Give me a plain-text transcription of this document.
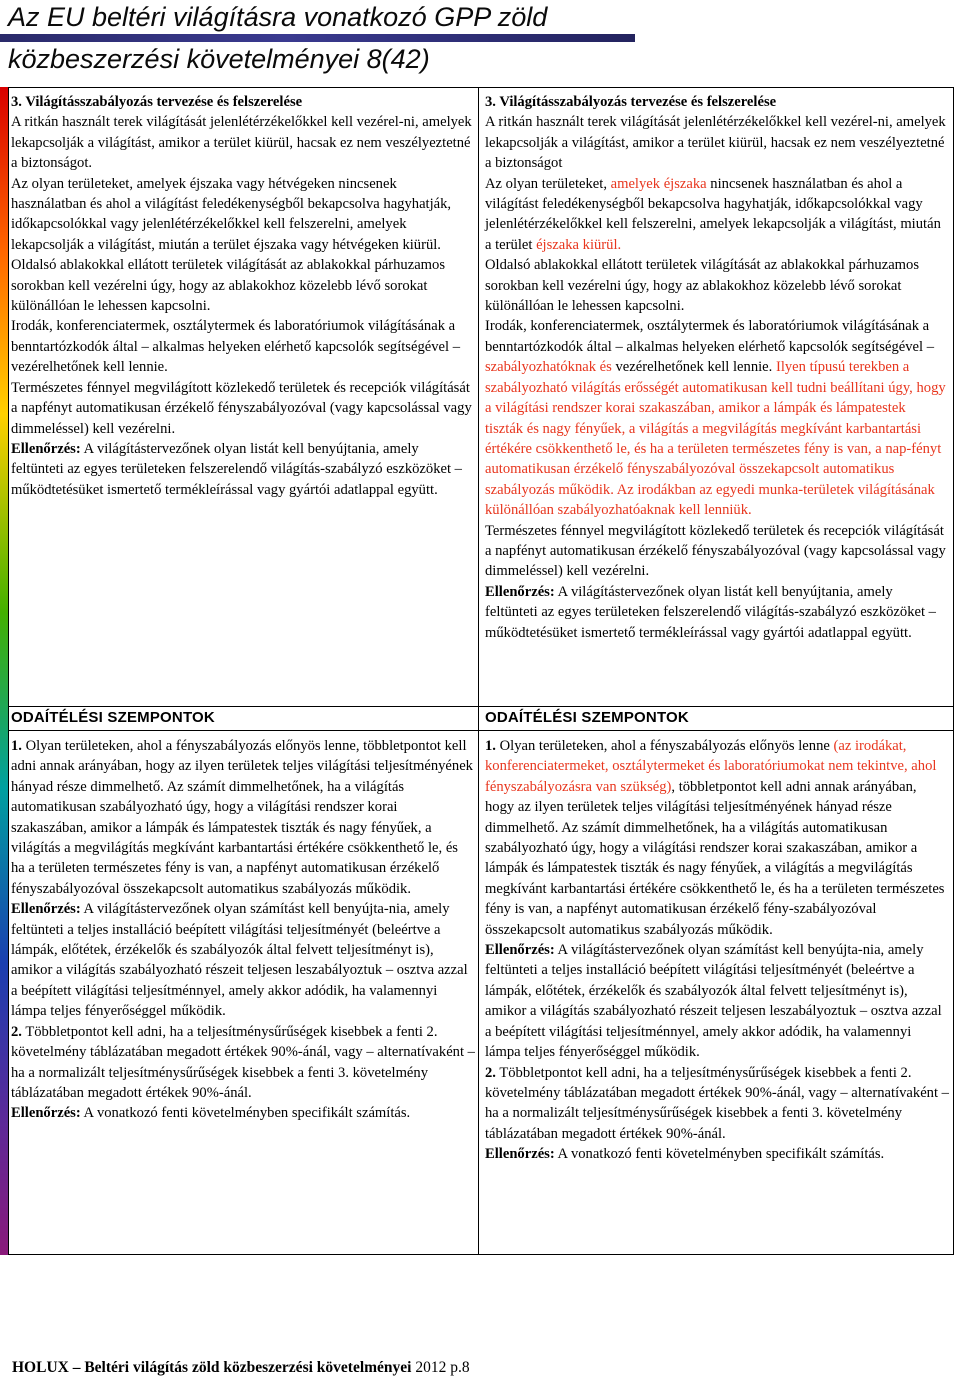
Az EU beltéri világításra vonatkozó GPP zöld
közbeszerzési követelményei 8(42)

3. Világításszabályozás tervezése és felszerelése

A ritkán használt terek világítását jelenlétérzékelőkkel kell vezérel-ni, amelyek lekapcsolják a világítást, amikor a terület kiürül, hacsak ez nem veszélyeztetné a biztonságot.

Az olyan területeket, amelyek éjszaka vagy hétvégeken nincsenek használatban és ahol a világítást feledékenységből bekapcsolva hagyhatják, időkapcsolókkal vagy jelenlétérzékelőkkel kell felszerelni, amelyek lekapcsolják a világítást, miután a terület éjszaka vagy hétvégeken kiürül.

Oldalsó ablakokkal ellátott területek világítását az ablakokkal párhuzamos sorokban kell vezérelni úgy, hogy az ablakokhoz közelebb lévő sorokat különállóan le lehessen kapcsolni.

Irodák, konferenciatermek, osztálytermek és laboratóriumok világításának a benntartózkodók által – alkalmas helyeken elérhető kapcsolók segítségével – vezérelhetőnek kell lennie.

Természetes fénnyel megvilágított közlekedő területek és recepciók világítását a napfényt automatikusan érzékelő fényszabályozóval (vagy kapcsolással vagy dimmeléssel) kell vezérelni.

Ellenőrzés: A világítástervezőnek olyan listát kell benyújtania, amely feltünteti az egyes területeken felszerelendő világítás-szabályzó eszközöket – működtetésüket ismertető termékleírással vagy gyártói adatlappal együtt.

3. Világításszabályozás tervezése és felszerelése

A ritkán használt terek világítását jelenlétérzékelőkkel kell vezérel-ni, amelyek lekapcsolják a világítást, amikor a terület kiürül, hacsak ez nem veszélyeztetné a biztonságot

Az olyan területeket, amelyek éjszaka nincsenek használatban és ahol a világítást feledékenységből bekapcsolva hagyhatják, időkapcsolókkal vagy jelenlétérzékelőkkel kell felszerelni, amelyek lekapcsolják a világítást, miután a terület éjszaka kiürül.

Oldalsó ablakokkal ellátott területek világítását az ablakokkal párhuzamos sorokban kell vezérelni úgy, hogy az ablakokhoz közelebb lévő sorokat különállóan le lehessen kapcsolni.

Irodák, konferenciatermek, osztálytermek és laboratóriumok világításának a benntartózkodók által – alkalmas helyeken elérhető kapcsolók segítségével – szabályozhatóknak és vezérelhetőnek kell lennie. Ilyen típusú terekben a szabályozható világítás erősségét automatikusan kell tudni beállítani úgy, hogy a világítási rendszer korai szakaszában, amikor a lámpák és lámpatestek tiszták és nagy fényűek, a világítás a megvilágítás megkívánt karbantartási értékére csökkenthető le, és ha a területen természetes fény is van, a nap-fényt automatikusan érzékelő fényszabályozóval összekapcsolt automatikus szabályozás működik. Az irodákban az egyedi munka-területek világításának különállóan szabályozhatóaknak kell lenniük.

Természetes fénnyel megvilágított közlekedő területek és recepciók világítását a napfényt automatikusan érzékelő fényszabályozóval (vagy kapcsolással vagy dimmeléssel) kell vezérelni.

Ellenőrzés: A világítástervezőnek olyan listát kell benyújtania, amely feltünteti az egyes területeken felszerelendő világítás-szabályzó eszközöket – működtetésüket ismertető termékleírással vagy gyártói adatlappal együtt.

ODAÍTÉLÉSI SZEMPONTOK	ODAÍTÉLÉSI SZEMPONTOK

1. Olyan területeken, ahol a fényszabályozás előnyös lenne, többletpontot kell adni annak arányában, hogy az ilyen területek teljes világítási teljesítményének hányad része dimmelhető. Az számít dimmelhetőnek, ha a világítás automatikusan szabályozható úgy, hogy a világítási rendszer korai szakaszában, amikor a lámpák és lámpatestek tiszták és nagy fényűek, a világítás a megvilágítás megkívánt karbantartási értékére csökkenthető le, és ha a területen természetes fény is van, a napfényt automatikusan érzékelő fényszabályozóval összekapcsolt automatikus szabályozás működik.

Ellenőrzés: A világítástervezőnek olyan számítást kell benyújta-nia, amely feltünteti a teljes installáció beépített világítási teljesítményét (beleértve a lámpák, előtétek, érzékelők és szabályozók által felvett teljesítményt is), amikor a világítás szabályozható részeit teljesen leszabályoztuk – osztva azzal a beépített világítási teljesítménnyel, amely akkor adódik, ha valamennyi lámpa teljes fényerőséggel működik.

2. Többletpontot kell adni, ha a teljesítménysűrűségek kisebbek a fenti 2. követelmény táblázatában megadott értékek 90%-ánál, vagy – alternatívaként – ha a normalizált teljesítménysűrűségek kisebbek a fenti 3. követelmény táblázatában megadott értékek 90%-ánál.

Ellenőrzés: A vonatkozó fenti követelményben specifikált számítás.

1. Olyan területeken, ahol a fényszabályozás előnyös lenne (az irodákat, konferenciatermeket, osztálytermeket és laboratóriumokat nem tekintve, ahol fényszabályozásra van szükség), többletpontot kell adni annak arányában, hogy az ilyen területek teljes világítási teljesítményének hányad része dimmelhető. Az számít dimmelhetőnek, ha a világítás automatikusan szabályozható úgy, hogy a világítási rendszer korai szakaszában, amikor a lámpák és lámpatestek tiszták és nagy fényűek, a világítás a megvilágítás megkívánt karbantartási értékére csökkenthető le, és ha a területen természetes fény is van, a napfényt automatikusan érzékelő fény-szabályozóval összekapcsolt automatikus szabályozás működik.

Ellenőrzés: A világítástervezőnek olyan számítást kell benyújta-nia, amely feltünteti a teljes installáció beépített világítási teljesítményét (beleértve a lámpák, előtétek, érzékelők és szabályozók által felvett teljesítményt is), amikor a világítás szabályozható részeit teljesen leszabályoztuk – osztva azzal a beépített világítási teljesítménnyel, amely akkor adódik, ha valamennyi lámpa teljes fényerőséggel működik.

2. Többletpontot kell adni, ha a teljesítménysűrűségek kisebbek a fenti 2. követelmény táblázatában megadott értékek 90%-ánál, vagy – alternatívaként – ha a normalizált teljesítménysűrűségek kisebbek a fenti 3. követelmény táblázatában megadott értékek 90%-ánál.

Ellenőrzés: A vonatkozó fenti követelményben specifikált számítás.

HOLUX – Beltéri világítás zöld közbeszerzési követelményei 2012 p.8
